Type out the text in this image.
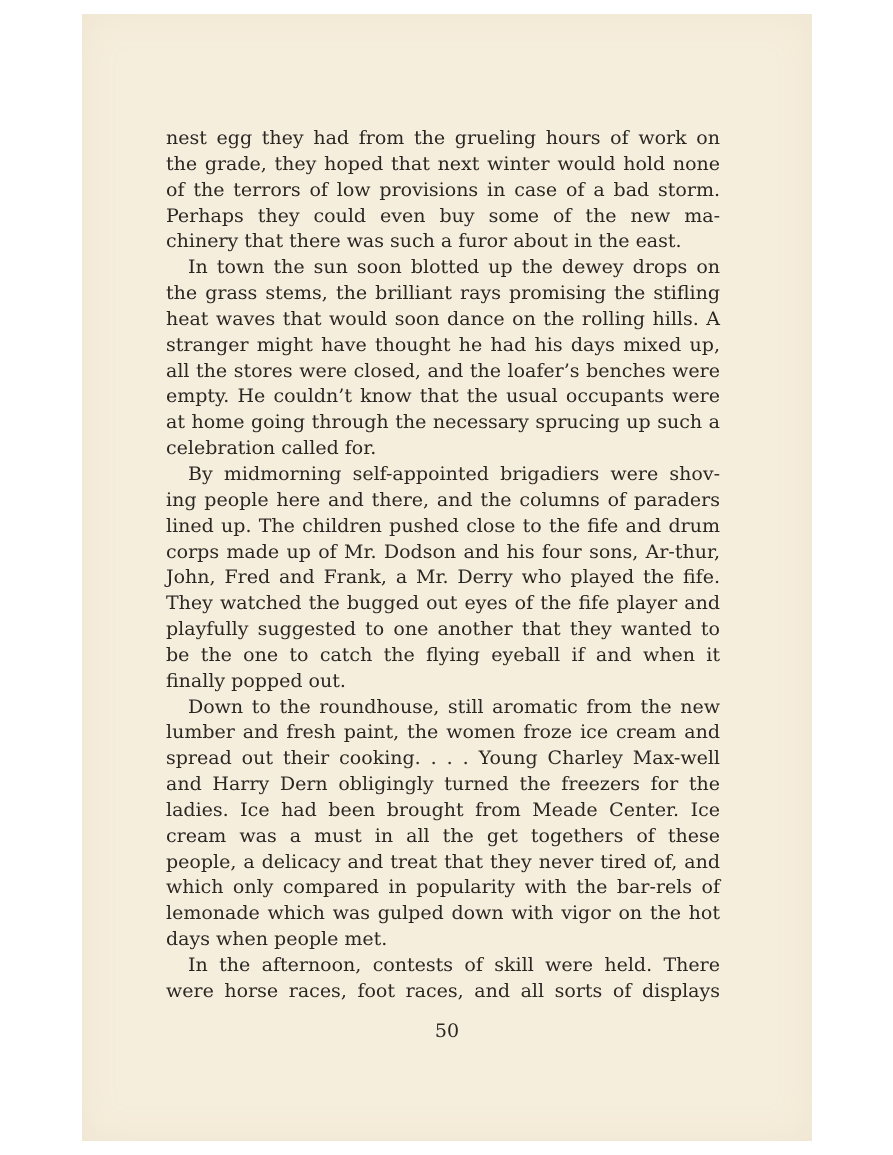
nest egg they had from the grueling hours of work on the grade, they hoped that next winter would hold none of the terrors of low provisions in case of a bad storm. Perhaps they could even buy some of the new ma-chinery that there was such a furor about in the east.

In town the sun soon blotted up the dewey drops on the grass stems, the brilliant rays promising the stifling heat waves that would soon dance on the rolling hills. A stranger might have thought he had his days mixed up, all the stores were closed, and the loafer’s benches were empty. He couldn’t know that the usual occupants were at home going through the necessary sprucing up such a celebration called for.

By midmorning self-appointed brigadiers were shov-ing people here and there, and the columns of paraders lined up. The children pushed close to the fife and drum corps made up of Mr. Dodson and his four sons, Ar-thur, John, Fred and Frank, a Mr. Derry who played the fife. They watched the bugged out eyes of the fife player and playfully suggested to one another that they wanted to be the one to catch the flying eyeball if and when it finally popped out.

Down to the roundhouse, still aromatic from the new lumber and fresh paint, the women froze ice cream and spread out their cooking. . . . Young Charley Max-well and Harry Dern obligingly turned the freezers for the ladies. Ice had been brought from Meade Center. Ice cream was a must in all the get togethers of these people, a delicacy and treat that they never tired of, and which only compared in popularity with the bar-rels of lemonade which was gulped down with vigor on the hot days when people met.

In the afternoon, contests of skill were held. There were horse races, foot races, and all sorts of displays

50
